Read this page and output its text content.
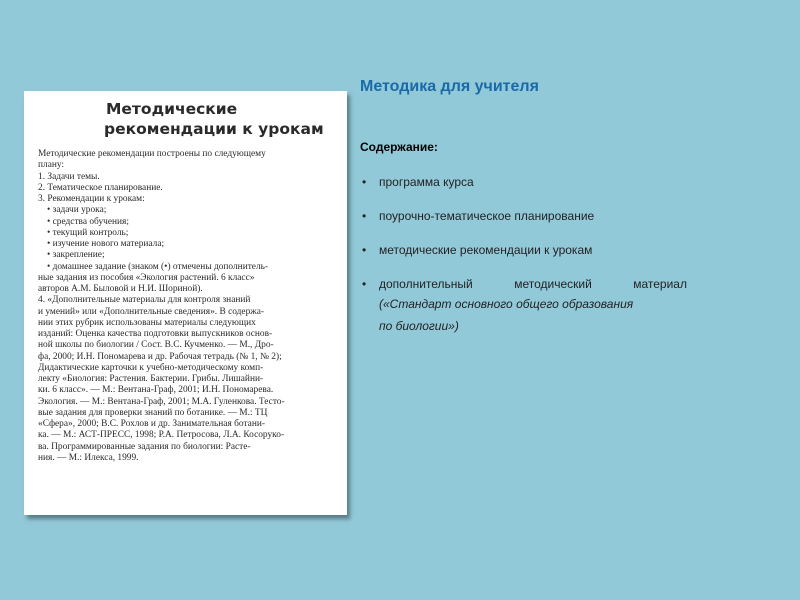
Методические
рекомендации к урокам
Методические рекомендации построены по следующему
плану:
1. Задачи темы.
2. Тематическое планирование.
3. Рекомендации к урокам:
• задачи урока;
• средства обучения;
• текущий контроль;
• изучение нового материала;
• закрепление;
• домашнее задание (знаком (•) отмечены дополнитель-
ные задания из пособия «Экология растений. 6 класс»
авторов А.М. Быловой и Н.И. Шориной).
4. «Дополнительные материалы для контроля знаний
и умений» или «Дополнительные сведения». В содержа-
нии этих рубрик использованы материалы следующих
изданий: Оценка качества подготовки выпускников основ-
ной школы по биологии / Сост. В.С. Кучменко. — М., Дро-
фа, 2000; И.Н. Пономарева и др. Рабочая тетрадь (№ 1, № 2);
Дидактические карточки к учебно-методическому комп-
лекту «Биология: Растения. Бактерии. Грибы. Лишайни-
ки. 6 класс». — М.: Вентана-Граф, 2001; И.Н. Пономарева.
Экология. — М.: Вентана-Граф, 2001; М.А. Гуленкова. Тесто-
вые задания для проверки знаний по ботанике. — М.: ТЦ
«Сфера», 2000; В.С. Рохлов и др. Занимательная ботани-
ка. — М.: АСТ-ПРЕСС, 1998; Р.А. Петросова, Л.А. Косоруко-
ва. Программированные задания по биологии: Расте-
ния. — М.: Илекса, 1999.
Методика для учителя
Содержание:
• программа курса
• поурочно-тематическое планирование
• методические рекомендации к урокам
• дополнительный	методический	материал
(«Стандарт основного общего образования
по биологии»)
